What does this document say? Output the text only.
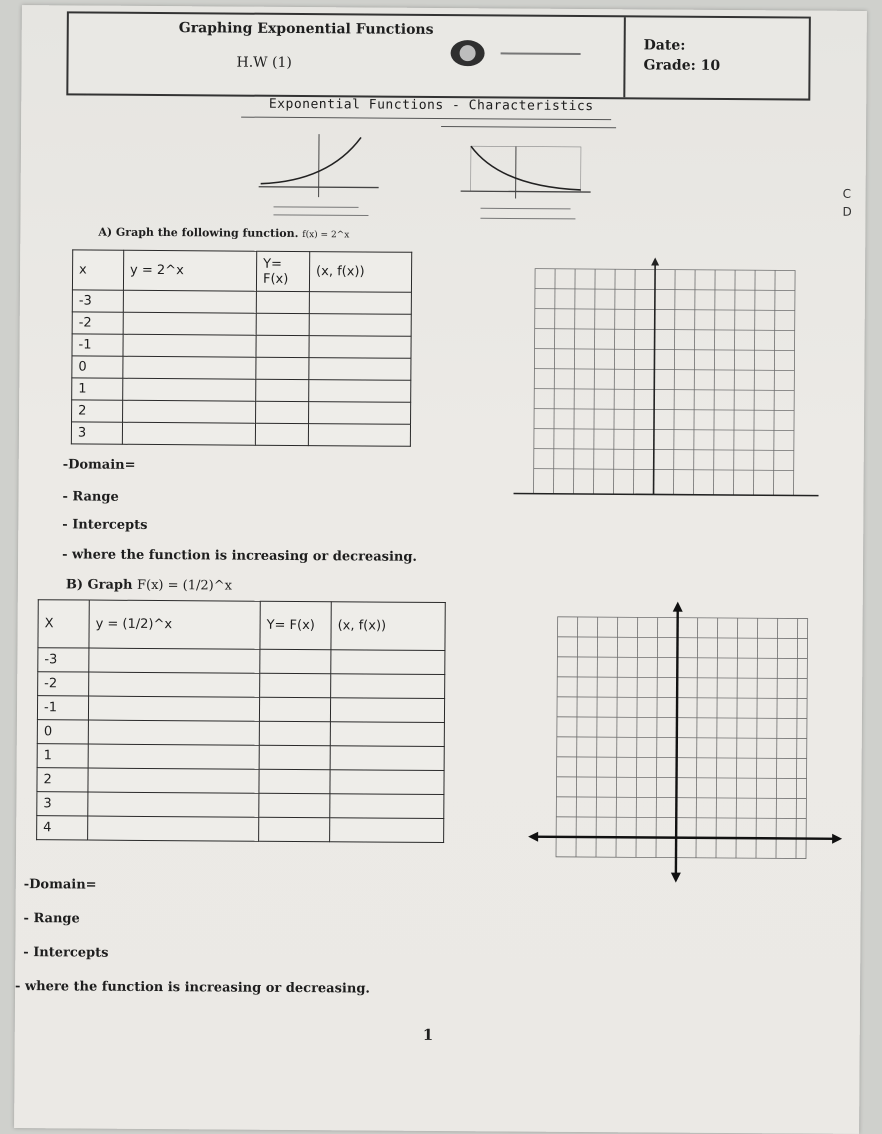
Graphing Exponential Functions
H.W (1)
Date:
Grade: 10
Exponential Functions - Characteristics
A) Graph the following function. f(x) = 2^x
x	y = 2^x	Y= F(x)	(x, f(x))
-3			
-2			
-1			
0			
1			
2			
3			
-Domain=
- Range
- Intercepts
- where the function is increasing or decreasing.
B) Graph F(x) = (1/2)^x
X	y = (1/2)^x	Y= F(x)	(x, f(x))
-3			
-2			
-1			
0			
1			
2			
3			
4			
-Domain=
- Range
- Intercepts
- where the function is increasing or decreasing.
1
C
D
